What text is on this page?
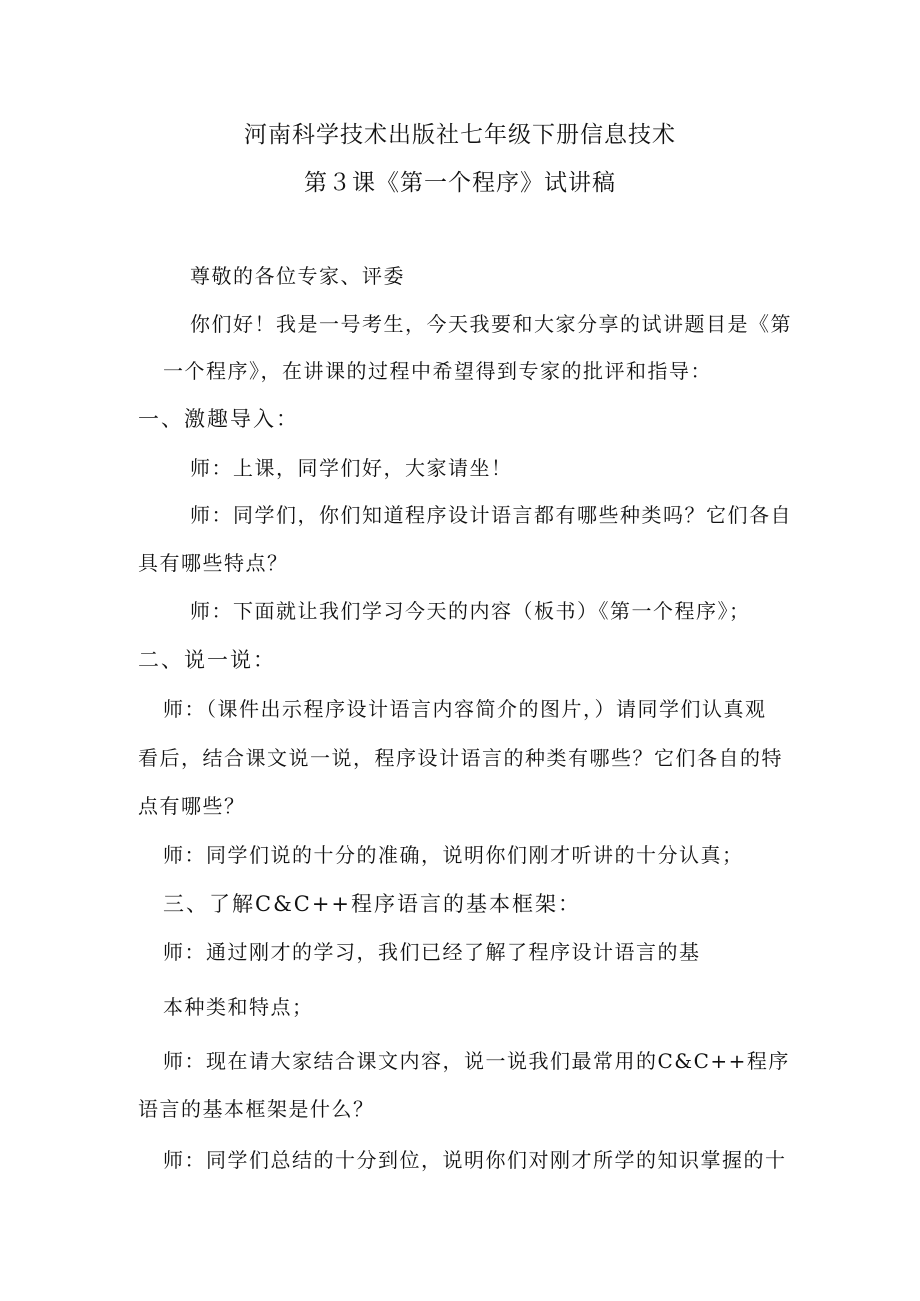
河南科学技术出版社七年级下册信息技术
第３课《第一个程序》试讲稿
尊敬的各位专家、评委
你们好！我是一号考生，今天我要和大家分享的试讲题目是《第
一个程序》，在讲课的过程中希望得到专家的批评和指导：
一、激趣导入：
师：上课，同学们好，大家请坐！
师：同学们，你们知道程序设计语言都有哪些种类吗？它们各自
具有哪些特点？
师：下面就让我们学习今天的内容（板书）《第一个程序》；
二、说一说：
师：（课件出示程序设计语言内容简介的图片，）请同学们认真观
看后，结合课文说一说，程序设计语言的种类有哪些？它们各自的特
点有哪些？
师：同学们说的十分的准确，说明你们刚才听讲的十分认真；
三、了解C&C++程序语言的基本框架：
师：通过刚才的学习，我们已经了解了程序设计语言的基
本种类和特点；
师：现在请大家结合课文内容，说一说我们最常用的C&C++程序
语言的基本框架是什么？
师：同学们总结的十分到位，说明你们对刚才所学的知识掌握的十
